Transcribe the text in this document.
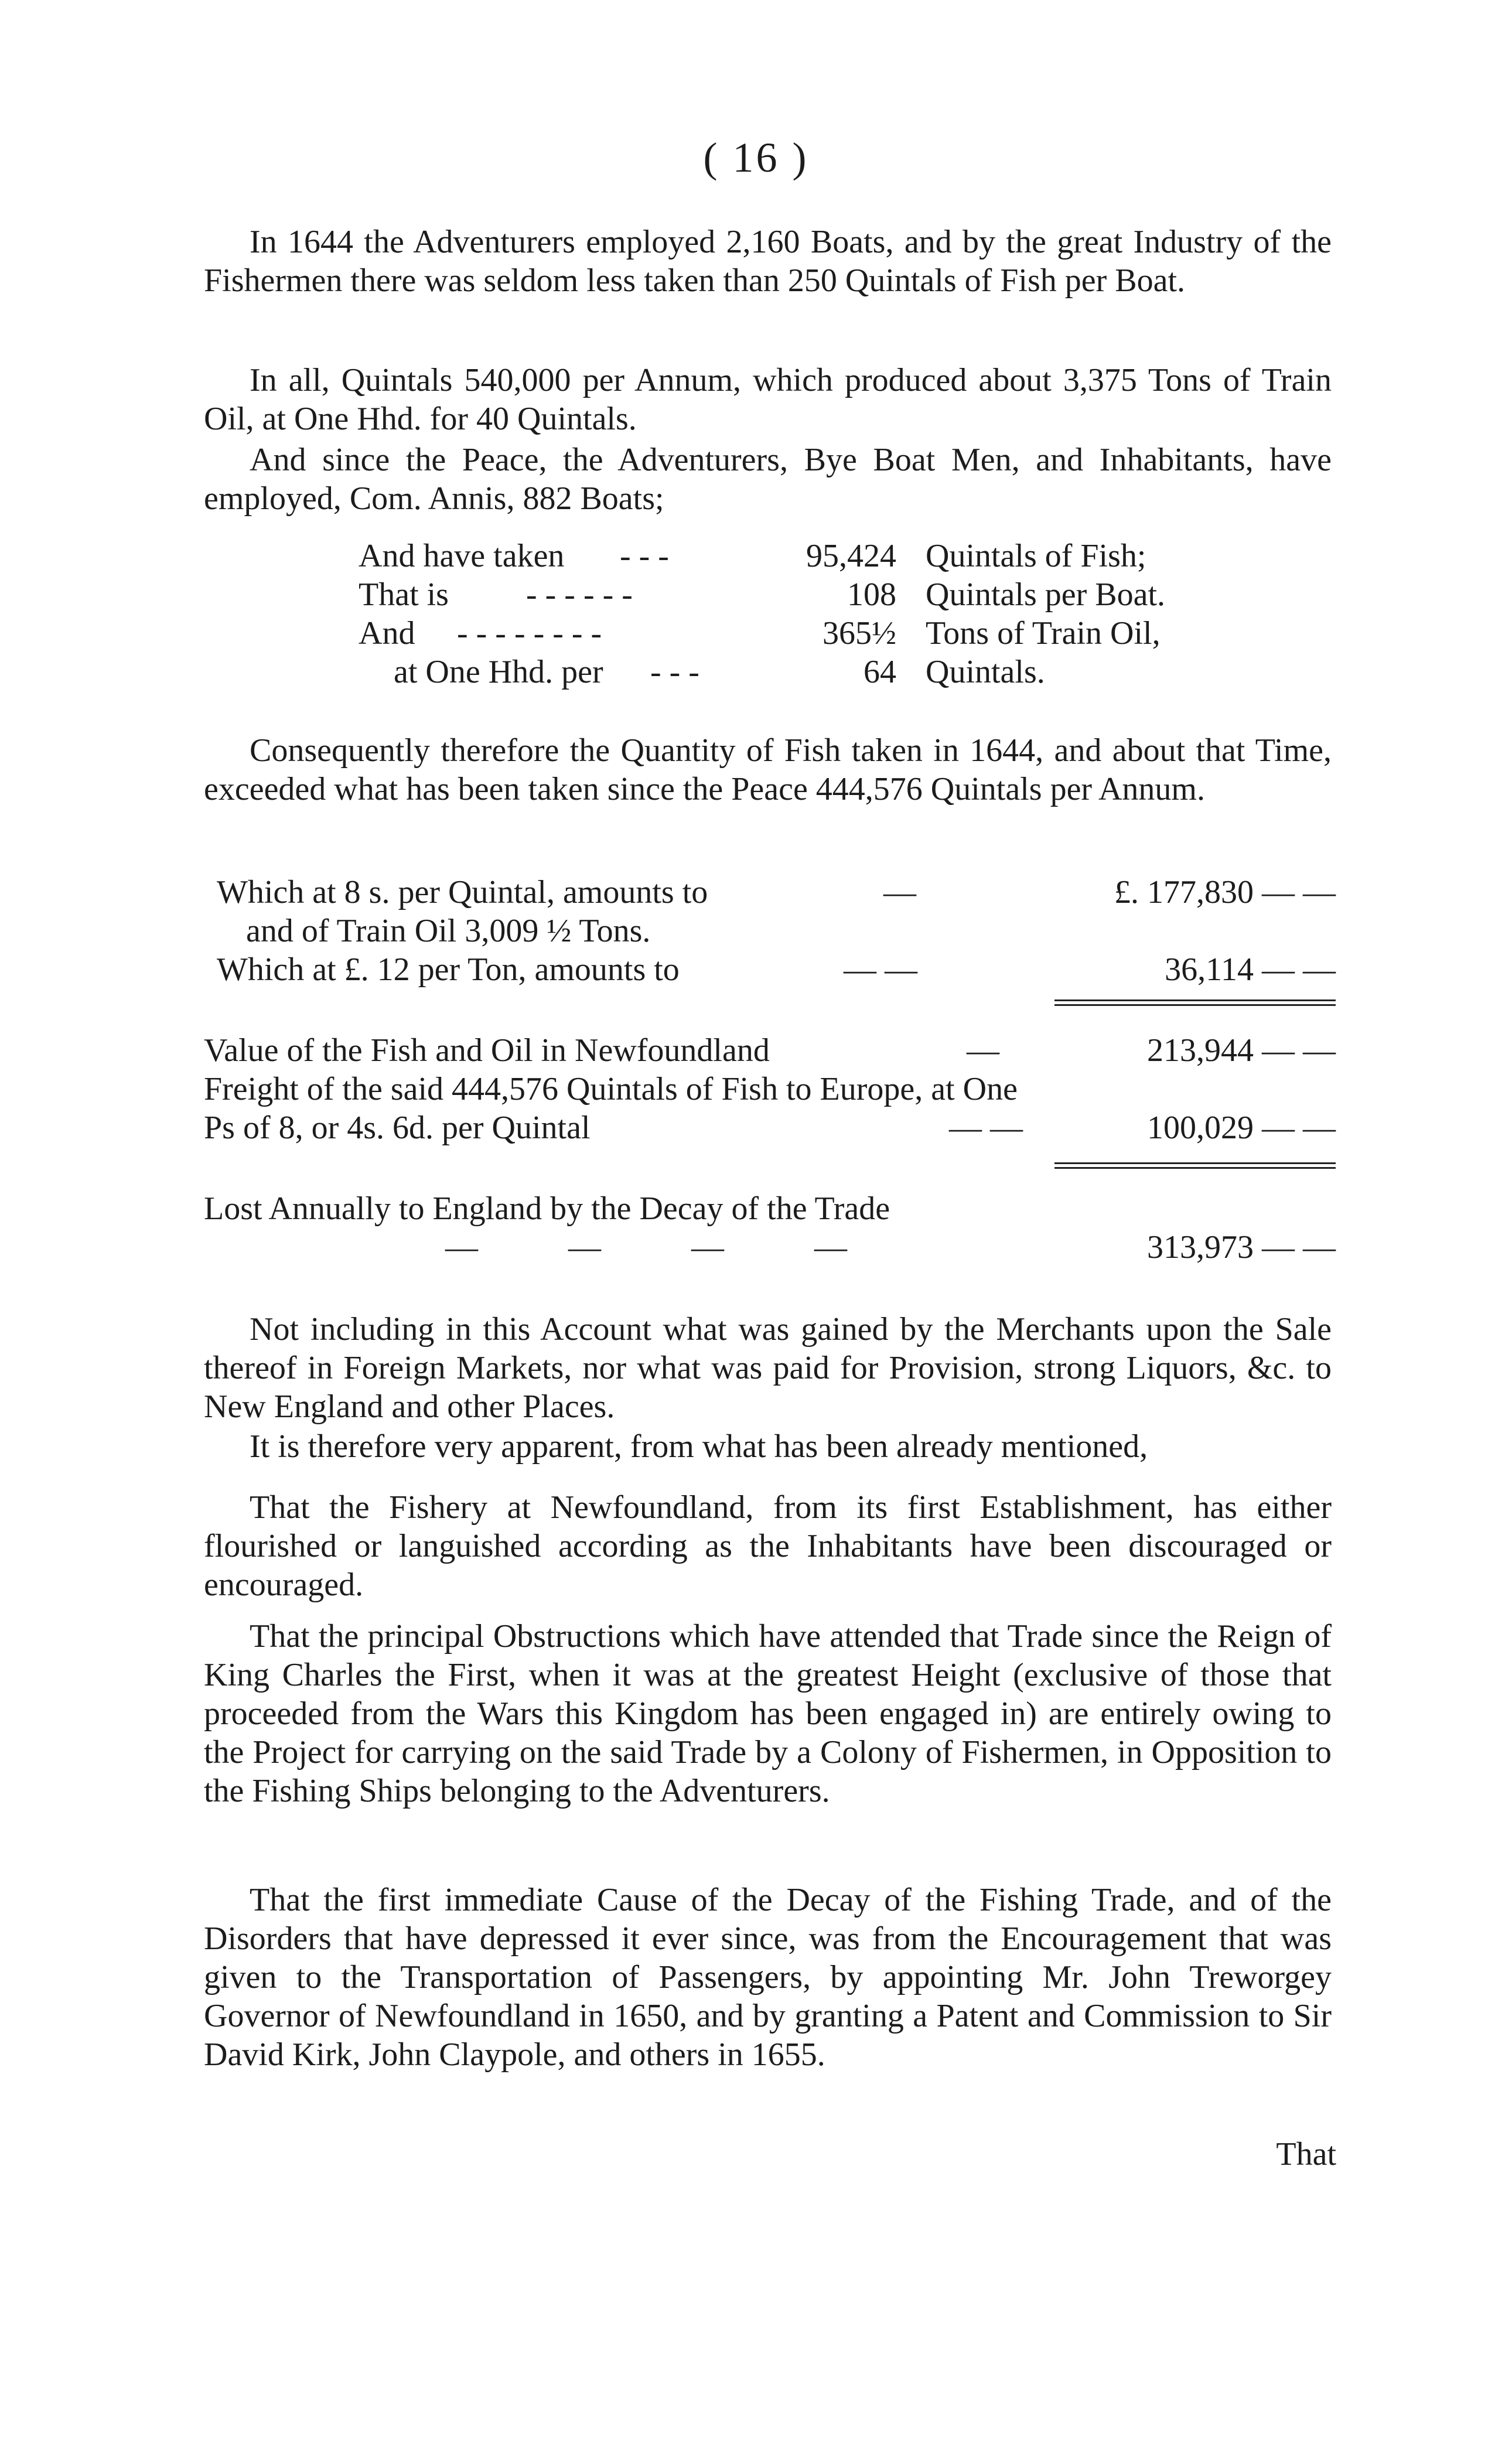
( 16 )

In 1644 the Adventurers employed 2,160 Boats, and by the great Industry of the Fishermen there was seldom less taken than 250 Quintals of Fish per Boat.

In all, Quintals 540,000 per Annum, which produced about 3,375 Tons of Train Oil, at One Hhd. for 40 Quintals.

And since the Peace, the Adventurers, Bye Boat Men, and Inhabitants, have employed, Com. Annis, 882 Boats;

And have taken - - -	95,424 Quintals of Fish;
That is - - - - - -	108 Quintals per Boat.
And - - - - - - - -	365½ Tons of Train Oil,
at One Hhd. per - - -	64 Quintals.

Consequently therefore the Quantity of Fish taken in 1644, and about that Time, exceeded what has been taken since the Peace 444,576 Quintals per Annum.

Which at 8 s. per Quintal, amounts to	—	£. 177,830 — —
and of Train Oil 3,009 ½ Tons.
Which at £. 12 per Ton, amounts to	— —	36,114 — —
Value of the Fish and Oil in Newfoundland	—	213,944 — —
Freight of the said 444,576 Quintals of Fish to Europe, at One Ps of 8, or 4s. 6d. per Quintal	— —	100,029 — —
Lost Annually to England by the Decay of the Trade
— — — —	313,973 — —

Not including in this Account what was gained by the Merchants upon the Sale thereof in Foreign Markets, nor what was paid for Provision, strong Liquors, &c. to New England and other Places.

It is therefore very apparent, from what has been already mentioned,

That the Fishery at Newfoundland, from its first Establishment, has either flourished or languished according as the Inhabitants have been discouraged or encouraged.

That the principal Obstructions which have attended that Trade since the Reign of King Charles the First, when it was at the greatest Height (exclusive of those that proceeded from the Wars this Kingdom has been engaged in) are entirely owing to the Project for carrying on the said Trade by a Colony of Fishermen, in Opposition to the Fishing Ships belonging to the Adventurers.

That the first immediate Cause of the Decay of the Fishing Trade, and of the Disorders that have depressed it ever since, was from the Encouragement that was given to the Transportation of Passengers, by appointing Mr. John Treworgey Governor of Newfoundland in 1650, and by granting a Patent and Commission to Sir David Kirk, John Claypole, and others in 1655.

That
